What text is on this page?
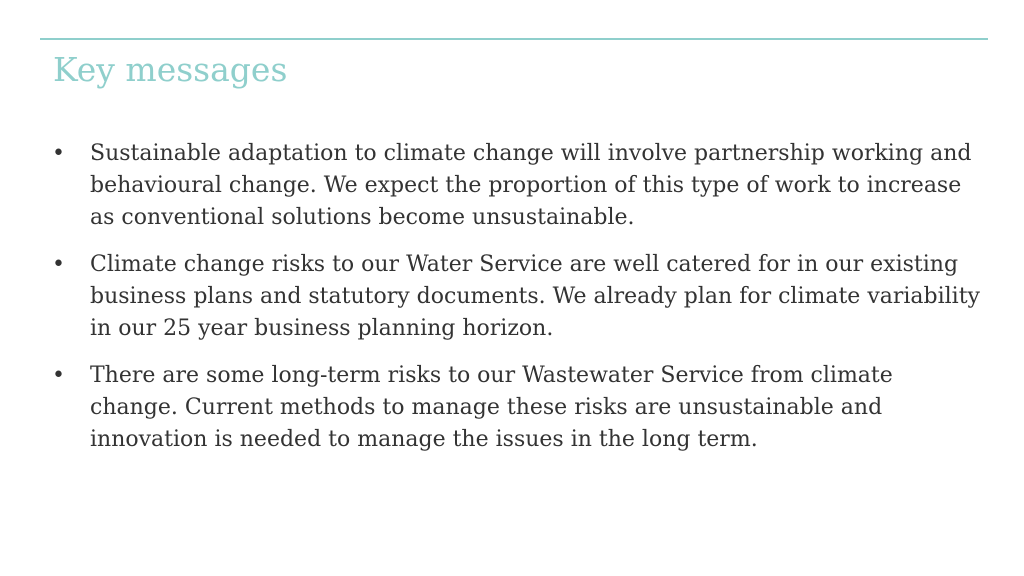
Key messages
•	Sustainable adaptation to climate change will involve partnership working and behavioural change. We expect the proportion of this type of work to increase as conventional solutions become unsustainable.
•	Climate change risks to our Water Service are well catered for in our existing business plans and statutory documents. We already plan for climate variability in our 25 year business planning horizon.
•	There are some long-term risks to our Wastewater Service from climate change. Current methods to manage these risks are unsustainable and innovation is needed to manage the issues in the long term.
